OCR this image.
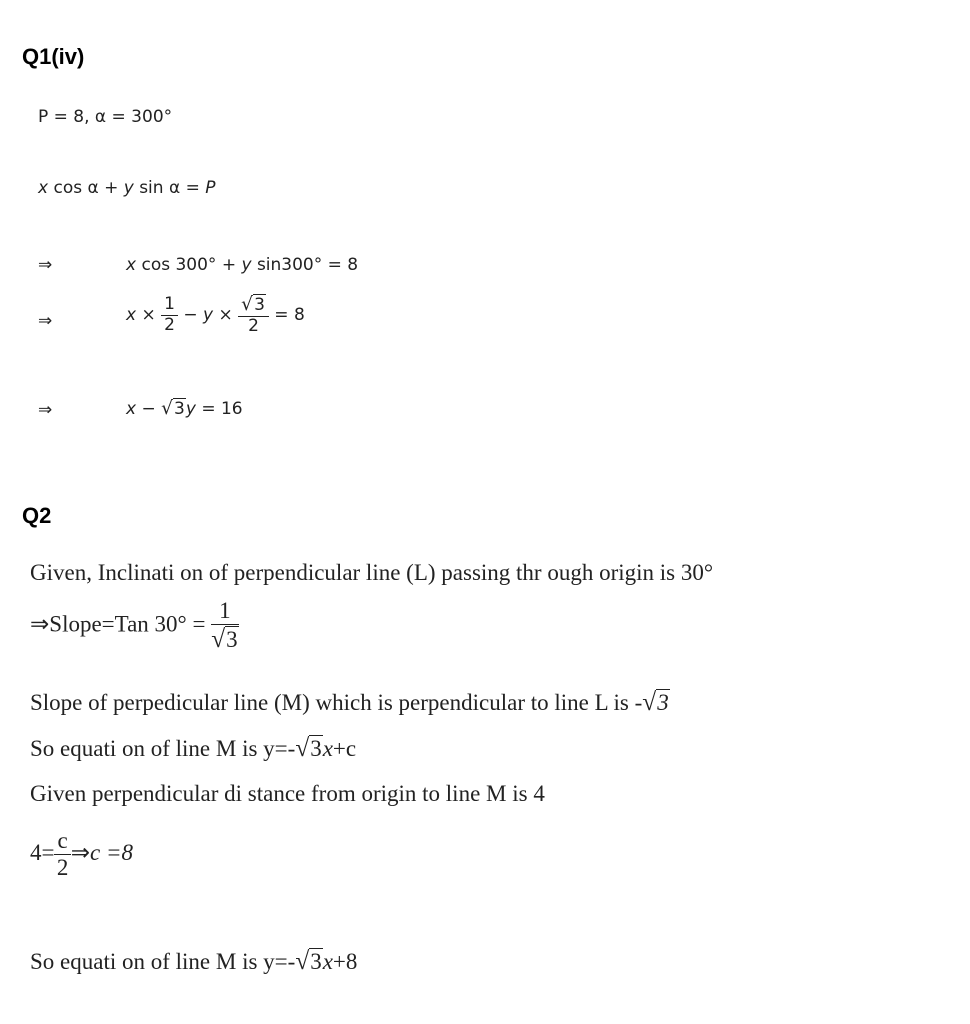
Q1(iv)
P = 8, α = 300°
x cos α + y sin α = P
⇒	x cos 300° + y sin300° = 8
⇒	$x \times \frac{1}{2} - y \times \frac{√3}{2} = 8$
⇒	x − √3y = 16
Q2
Given, Inclinati on of perpendicular line (L) passing thr ough origin is 30°
⇒Slope=Tan $30^\circ = \frac{1}{√3}$
Slope of perpedicular line (M) which is perpendicular to line L is -√3
So equati on of line M is y=-√3x+c
Given perpendicular di stance from origin to line M is 4
$4= \frac{c}{2}$ ⇒c =8
So equati on of line M is y=-√3x+8
